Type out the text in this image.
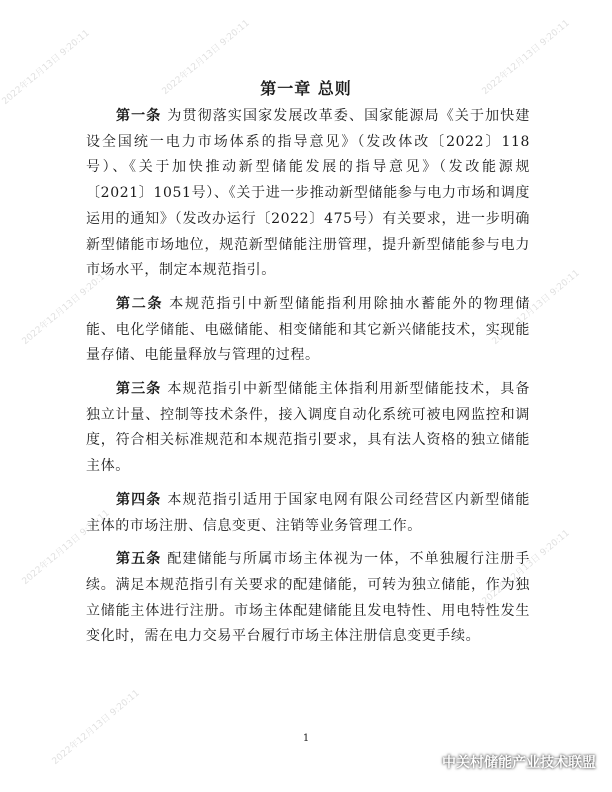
2022年12月13日 9:20:11	2022年12月13日 9:20:11	2022年12月13日 9:20:11
2022年12月13日 9:20:11	2022年12月13日 9:20:11
2022年12月13日 9:20:11	2022年12月13日 9:20:11
2022年12月13日 9:20:11
第一章 总则

第一条 为贯彻落实国家发展改革委、国家能源局《关于加快建设全国统一电力市场体系的指导意见》（发改体改〔2022〕118号）、《关于加快推动新型储能发展的指导意见》（发改能源规〔2021〕1051号）、《关于进一步推动新型储能参与电力市场和调度运用的通知》（发改办运行〔2022〕475号）有关要求，进一步明确新型储能市场地位，规范新型储能注册管理，提升新型储能参与电力市场水平，制定本规范指引。

第二条 本规范指引中新型储能指利用除抽水蓄能外的物理储能、电化学储能、电磁储能、相变储能和其它新兴储能技术，实现能量存储、电能量释放与管理的过程。

第三条 本规范指引中新型储能主体指利用新型储能技术，具备独立计量、控制等技术条件，接入调度自动化系统可被电网监控和调度，符合相关标准规范和本规范指引要求，具有法人资格的独立储能主体。

第四条 本规范指引适用于国家电网有限公司经营区内新型储能主体的市场注册、信息变更、注销等业务管理工作。

第五条 配建储能与所属市场主体视为一体，不单独履行注册手续。满足本规范指引有关要求的配建储能，可转为独立储能，作为独立储能主体进行注册。市场主体配建储能且发电特性、用电特性发生变化时，需在电力交易平台履行市场主体注册信息变更手续。

1
中关村储能产业技术联盟
